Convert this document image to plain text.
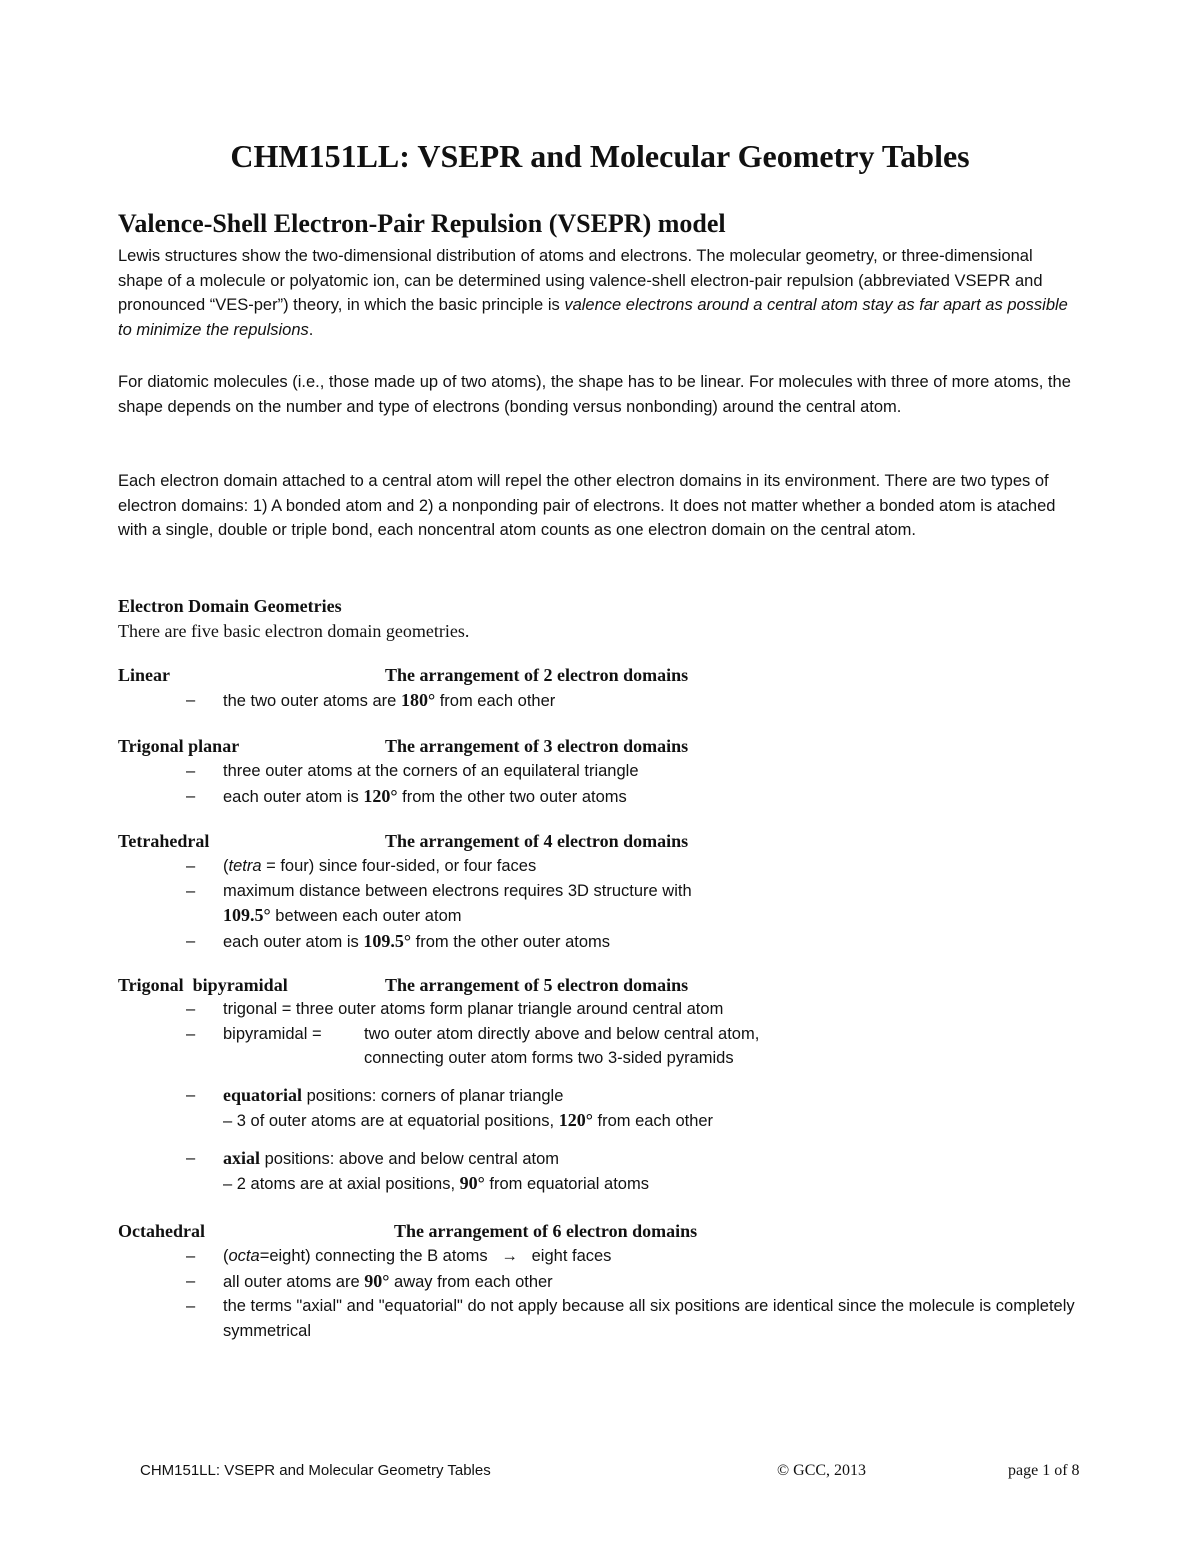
CHM151LL: VSEPR and Molecular Geometry Tables
Valence-Shell Electron-Pair Repulsion (VSEPR) model

Lewis structures show the two-dimensional distribution of atoms and electrons. The molecular geometry, or three-dimensional shape of a molecule or polyatomic ion, can be determined using valence-shell electron-pair repulsion (abbreviated VSEPR and pronounced “VES-per”) theory, in which the basic principle is valence electrons around a central atom stay as far apart as possible to minimize the repulsions.

For diatomic molecules (i.e., those made up of two atoms), the shape has to be linear. For molecules with three of more atoms, the shape depends on the number and type of electrons (bonding versus nonbonding) around the central atom.

Each electron domain attached to a central atom will repel the other electron domains in its environment. There are two types of electron domains: 1) A bonded atom and 2) a nonponding pair of electrons. It does not matter whether a bonded atom is atached with a single, double or triple bond, each noncentral atom counts as one electron domain on the central atom.

Electron Domain Geometries
There are five basic electron domain geometries.
Linear	The arrangement of 2 electron domains
– the two outer atoms are 180° from each other
Trigonal planar	The arrangement of 3 electron domains
– three outer atoms at the corners of an equilateral triangle
– each outer atom is 120° from the other two outer atoms
Tetrahedral	The arrangement of 4 electron domains
– (tetra = four) since four-sided, or four faces
– maximum distance between electrons requires 3D structure with
109.5° between each outer atom
– each outer atom is 109.5° from the other outer atoms
Trigonal  bipyramidal	The arrangement of 5 electron domains
– trigonal = three outer atoms form planar triangle around central atom
– bipyramidal =	two outer atom directly above and below central atom,
connecting outer atom forms two 3-sided pyramids
– equatorial positions: corners of planar triangle
– 3 of outer atoms are at equatorial positions, 120° from each other
– axial positions: above and below central atom
– 2 atoms are at axial positions, 90° from equatorial atoms
Octahedral	The arrangement of 6 electron domains
– (octa=eight) connecting the B atoms   →   eight faces
– all outer atoms are 90° away from each other
– the terms "axial" and "equatorial" do not apply because all six positions are identical since the molecule is completely symmetrical
CHM151LL: VSEPR and Molecular Geometry Tables	© GCC, 2013	page 1 of 8
